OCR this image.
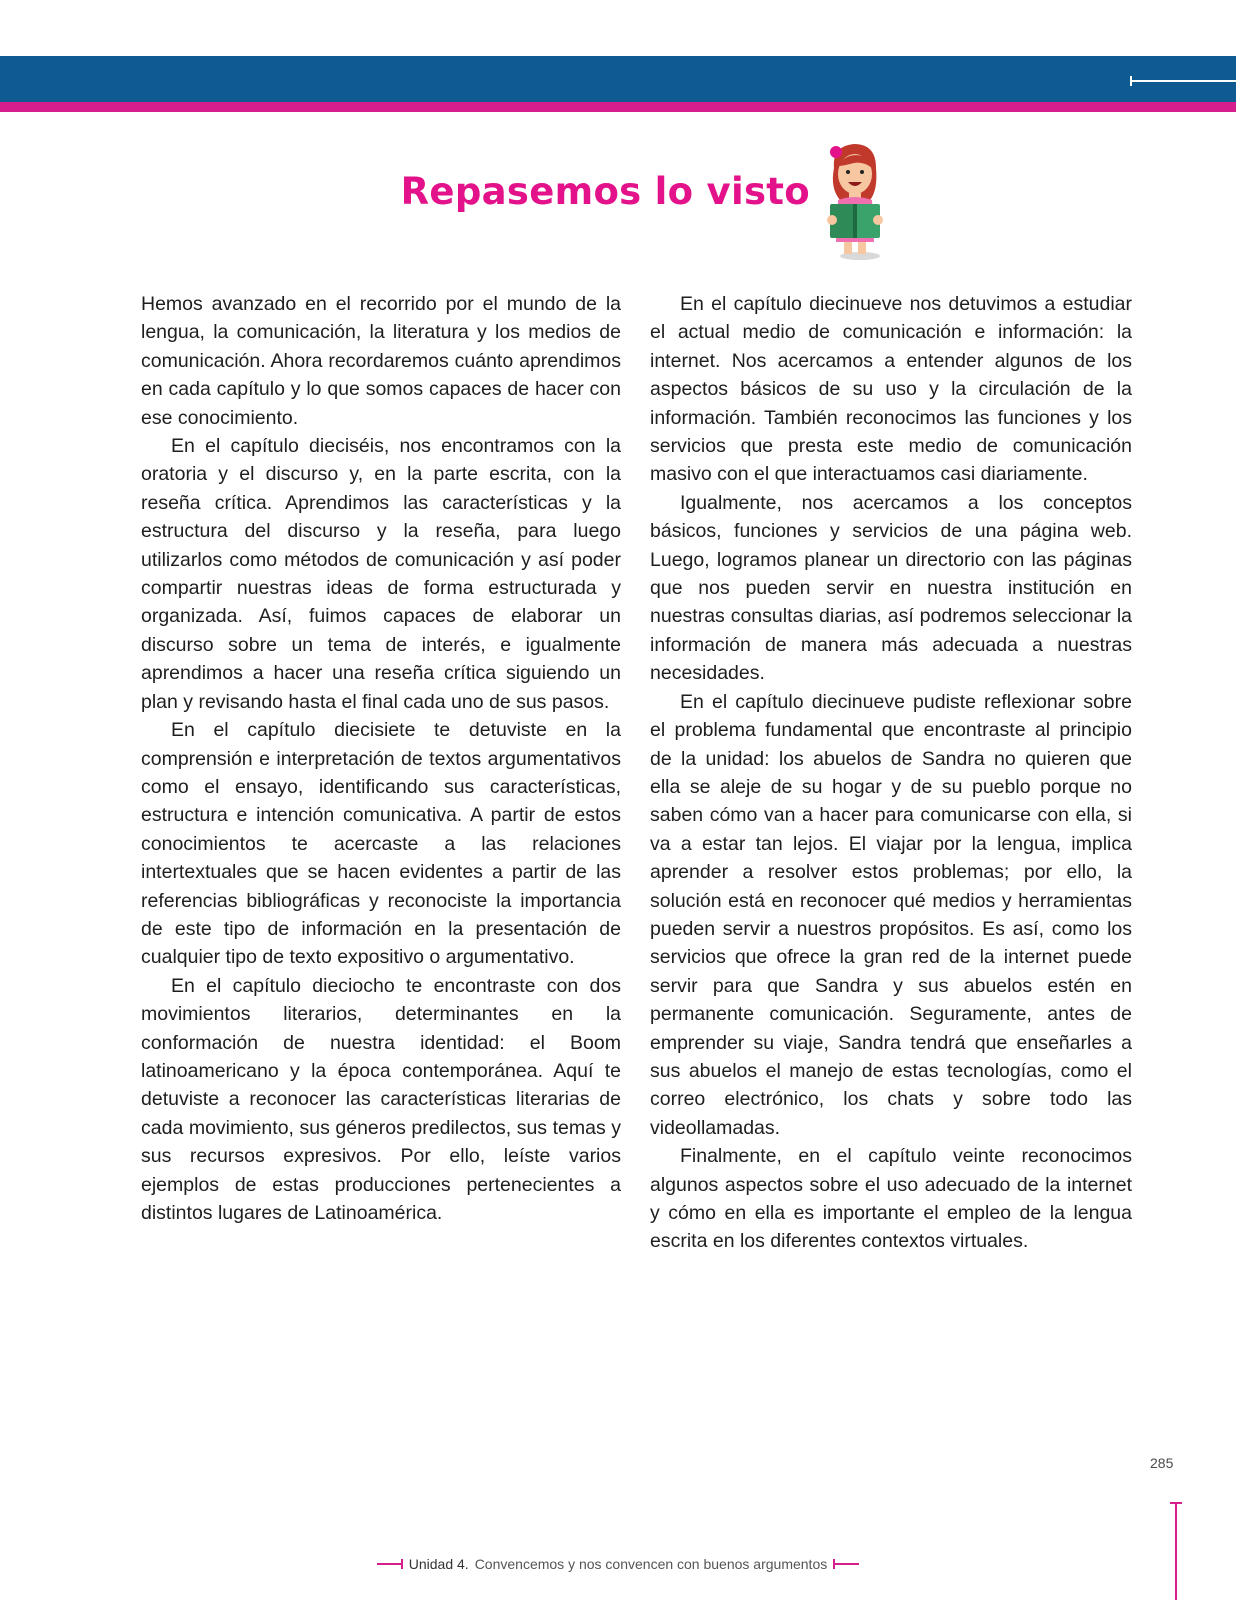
Repasemos lo visto

Hemos avanzado en el recorrido por el mundo de la lengua, la comunicación, la literatura y los medios de comunicación. Ahora recordaremos cuánto aprendimos en cada capítulo y lo que somos capaces de hacer con ese conocimiento.

En el capítulo dieciséis, nos encontramos con la oratoria y el discurso y, en la parte escrita, con la reseña crítica. Aprendimos las características y la estructura del discurso y la reseña, para luego utilizarlos como métodos de comunicación y así poder compartir nuestras ideas de forma estructurada y organizada. Así, fuimos capaces de elaborar un discurso sobre un tema de interés, e igualmente aprendimos a hacer una reseña crítica siguiendo un plan y revisando hasta el final cada uno de sus pasos.

En el capítulo diecisiete te detuviste en la comprensión e interpretación de textos argumentativos como el ensayo, identificando sus características, estructura e intención comunicativa. A partir de estos conocimientos te acercaste a las relaciones intertextuales que se hacen evidentes a partir de las referencias bibliográficas y reconociste la importancia de este tipo de información en la presentación de cualquier tipo de texto expositivo o argumentativo.

En el capítulo dieciocho te encontraste con dos movimientos literarios, determinantes en la conformación de nuestra identidad: el Boom latinoamericano y la época contemporánea. Aquí te detuviste a reconocer las características literarias de cada movimiento, sus géneros predilectos, sus temas y sus recursos expresivos. Por ello, leíste varios ejemplos de estas producciones pertenecientes a distintos lugares de Latinoamérica.

En el capítulo diecinueve nos detuvimos a estudiar el actual medio de comunicación e información: la internet. Nos acercamos a entender algunos de los aspectos básicos de su uso y la circulación de la información. También reconocimos las funciones y los servicios que presta este medio de comunicación masivo con el que interactuamos casi diariamente.

Igualmente, nos acercamos a los conceptos básicos, funciones y servicios de una página web. Luego, logramos planear un directorio con las páginas que nos pueden servir en nuestra institución en nuestras consultas diarias, así podremos seleccionar la información de manera más adecuada a nuestras necesidades.

En el capítulo diecinueve pudiste reflexionar sobre el problema fundamental que encontraste al principio de la unidad: los abuelos de Sandra no quieren que ella se aleje de su hogar y de su pueblo porque no saben cómo van a hacer para comunicarse con ella, si va a estar tan lejos. El viajar por la lengua, implica aprender a resolver estos problemas; por ello, la solución está en reconocer qué medios y herramientas pueden servir a nuestros propósitos. Es así, como los servicios que ofrece la gran red de la internet puede servir para que Sandra y sus abuelos estén en permanente comunicación. Seguramente, antes de emprender su viaje, Sandra tendrá que enseñarles a sus abuelos el manejo de estas tecnologías, como el correo electrónico, los chats y sobre todo las videollamadas.

Finalmente, en el capítulo veinte reconocimos algunos aspectos sobre el uso adecuado de la internet y cómo en ella es importante el empleo de la lengua escrita en los diferentes contextos virtuales.

285
Unidad 4. Convencemos y nos convencen con buenos argumentos
